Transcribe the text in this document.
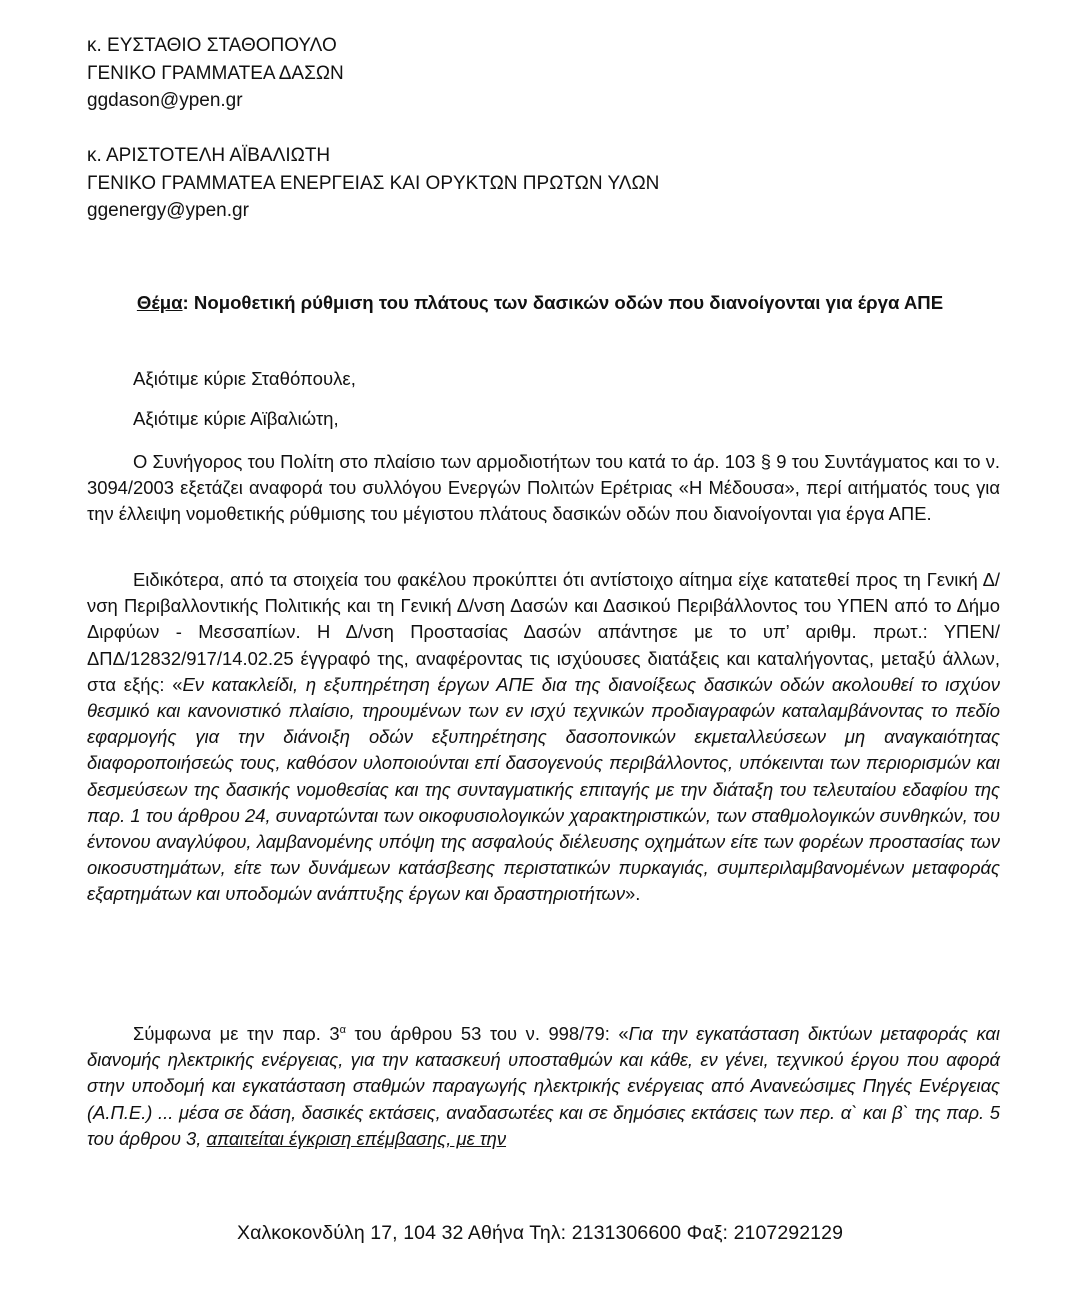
κ. ΕΥΣΤΑΘΙΟ ΣΤΑΘΟΠΟΥΛΟ
ΓΕΝΙΚΟ ΓΡΑΜΜΑΤΕΑ ΔΑΣΩΝ
ggdason@ypen.gr
κ. ΑΡΙΣΤΟΤΕΛΗ ΑΪΒΑΛΙΩΤΗ
ΓΕΝΙΚΟ ΓΡΑΜΜΑΤΕΑ ΕΝΕΡΓΕΙΑΣ ΚΑΙ ΟΡΥΚΤΩΝ ΠΡΩΤΩΝ ΥΛΩΝ
ggenergy@ypen.gr
Θέμα: Νομοθετική ρύθμιση του πλάτους των δασικών οδών που διανοίγονται για έργα ΑΠΕ
Αξιότιμε κύριε Σταθόπουλε,
Αξιότιμε κύριε Αϊβαλιώτη,
Ο Συνήγορος του Πολίτη στο πλαίσιο των αρμοδιοτήτων του κατά το άρ. 103 § 9 του Συντάγματος και το ν. 3094/2003 εξετάζει αναφορά του συλλόγου Ενεργών Πολιτών Ερέτριας «Η Μέδουσα», περί αιτήματός τους για την έλλειψη νομοθετικής ρύθμισης του μέγιστου πλάτους δασικών οδών που διανοίγονται για έργα ΑΠΕ.
Ειδικότερα, από τα στοιχεία του φακέλου προκύπτει ότι αντίστοιχο αίτημα είχε κατατεθεί προς τη Γενική Δ/νση Περιβαλλοντικής Πολιτικής και τη Γενική Δ/νση Δασών και Δασικού Περιβάλλοντος του ΥΠΕΝ από το Δήμο Διρφύων - Μεσσαπίων. Η Δ/νση Προστασίας Δασών απάντησε με το υπ’ αριθμ. πρωτ.: ΥΠΕΝ/ΔΠΔ/12832/917/14.02.25 έγγραφό της, αναφέροντας τις ισχύουσες διατάξεις και καταλήγοντας, μεταξύ άλλων, στα εξής: «Εν κατακλείδι, η εξυπηρέτηση έργων ΑΠΕ δια της διανοίξεως δασικών οδών ακολουθεί το ισχύον θεσμικό και κανονιστικό πλαίσιο, τηρουμένων των εν ισχύ τεχνικών προδιαγραφών καταλαμβάνοντας το πεδίο εφαρμογής για την διάνοιξη οδών εξυπηρέτησης δασοπονικών εκμεταλλεύσεων μη αναγκαιότητας διαφοροποιήσεώς τους, καθόσον υλοποιούνται επί δασογενούς περιβάλλοντος, υπόκεινται των περιορισμών και δεσμεύσεων της δασικής νομοθεσίας και της συνταγματικής επιταγής με την διάταξη του τελευταίου εδαφίου της παρ. 1 του άρθρου 24, συναρτώνται των οικοφυσιολογικών χαρακτηριστικών, των σταθμολογικών συνθηκών, του έντονου αναγλύφου, λαμβανομένης υπόψη της ασφαλούς διέλευσης οχημάτων είτε των φορέων προστασίας των οικοσυστημάτων, είτε των δυνάμεων κατάσβεσης περιστατικών πυρκαγιάς, συμπεριλαμβανομένων μεταφοράς εξαρτημάτων και υποδομών ανάπτυξης έργων και δραστηριοτήτων».
Σύμφωνα με την παρ. $3^\alpha$ του άρθρου 53 του ν. 998/79: «Για την εγκατάσταση δικτύων μεταφοράς και διανομής ηλεκτρικής ενέργειας, για την κατασκευή υποσταθμών και κάθε, εν γένει, τεχνικού έργου που αφορά στην υποδομή και εγκατάσταση σταθμών παραγωγής ηλεκτρικής ενέργειας από Ανανεώσιμες Πηγές Ενέργειας (Α.Π.Ε.) ... μέσα σε δάση, δασικές εκτάσεις, αναδασωτέες και σε δημόσιες εκτάσεις των περ. α` και β` της παρ. 5 του άρθρου 3, απαιτείται έγκριση επέμβασης, με την
Χαλκοκονδύλη 17, 104 32 Αθήνα Τηλ: 2131306600 Φαξ: 2107292129
